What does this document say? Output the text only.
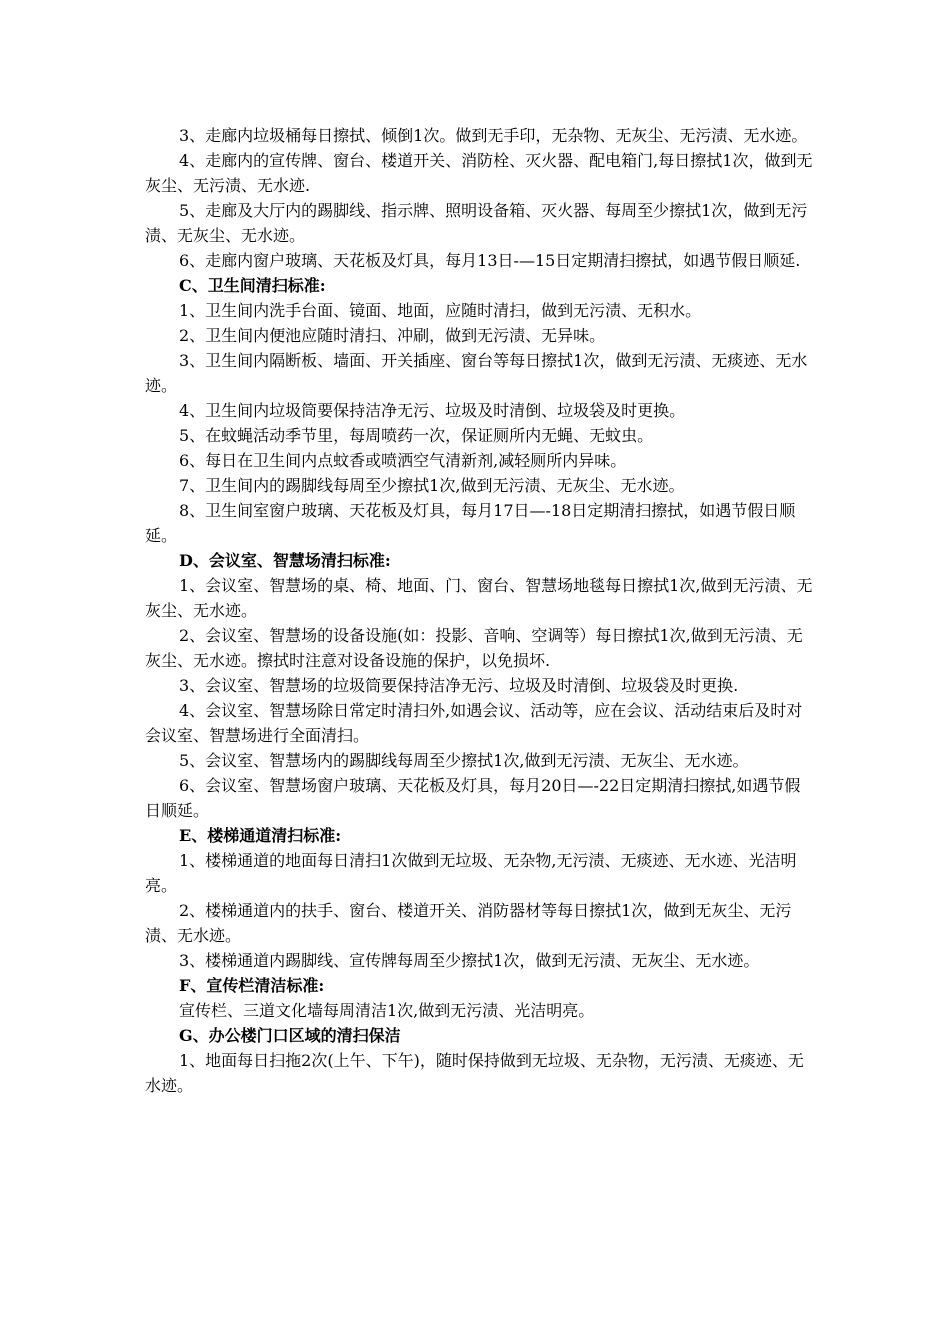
3、走廊内垃圾桶每日擦拭、倾倒1次。做到无手印，无杂物、无灰尘、无污渍、无水迹。

4、走廊内的宣传牌、窗台、楼道开关、消防栓、灭火器、配电箱门,每日擦拭1次，做到无灰尘、无污渍、无水迹.

5、走廊及大厅内的踢脚线、指示牌、照明设备箱、灭火器、每周至少擦拭1次，做到无污渍、无灰尘、无水迹。

6、走廊内窗户玻璃、天花板及灯具，每月13日-—15日定期清扫擦拭，如遇节假日顺延.

C、卫生间清扫标准:

1、卫生间内洗手台面、镜面、地面，应随时清扫，做到无污渍、无积水。

2、卫生间内便池应随时清扫、冲刷，做到无污渍、无异味。

3、卫生间内隔断板、墙面、开关插座、窗台等每日擦拭1次，做到无污渍、无痰迹、无水迹。

4、卫生间内垃圾筒要保持洁净无污、垃圾及时清倒、垃圾袋及时更换。

5、在蚊蝇活动季节里，每周喷药一次，保证厕所内无蝇、无蚊虫。

6、每日在卫生间内点蚊香或喷洒空气清新剂,减轻厕所内异味。

7、卫生间内的踢脚线每周至少擦拭1次,做到无污渍、无灰尘、无水迹。

8、卫生间室窗户玻璃、天花板及灯具，每月17日—-18日定期清扫擦拭，如遇节假日顺延。

D、会议室、智慧场清扫标准:

1、会议室、智慧场的桌、椅、地面、门、窗台、智慧场地毯每日擦拭1次,做到无污渍、无灰尘、无水迹。

2、会议室、智慧场的设备设施(如：投影、音响、空调等）每日擦拭1次,做到无污渍、无灰尘、无水迹。擦拭时注意对设备设施的保护，以免损坏.

3、会议室、智慧场的垃圾筒要保持洁净无污、垃圾及时清倒、垃圾袋及时更换.

4、会议室、智慧场除日常定时清扫外,如遇会议、活动等，应在会议、活动结束后及时对会议室、智慧场进行全面清扫。

5、会议室、智慧场内的踢脚线每周至少擦拭1次,做到无污渍、无灰尘、无水迹。

6、会议室、智慧场窗户玻璃、天花板及灯具，每月20日—-22日定期清扫擦拭,如遇节假日顺延。

E、楼梯通道清扫标准:

1、楼梯通道的地面每日清扫1次做到无垃圾、无杂物,无污渍、无痰迹、无水迹、光洁明亮。

2、楼梯通道内的扶手、窗台、楼道开关、消防器材等每日擦拭1次，做到无灰尘、无污渍、无水迹。

3、楼梯通道内踢脚线、宣传牌每周至少擦拭1次，做到无污渍、无灰尘、无水迹。

F、宣传栏清洁标准:

宣传栏、三道文化墙每周清洁1次,做到无污渍、光洁明亮。

G、办公楼门口区域的清扫保洁

1、地面每日扫拖2次(上午、下午)，随时保持做到无垃圾、无杂物，无污渍、无痰迹、无水迹。
